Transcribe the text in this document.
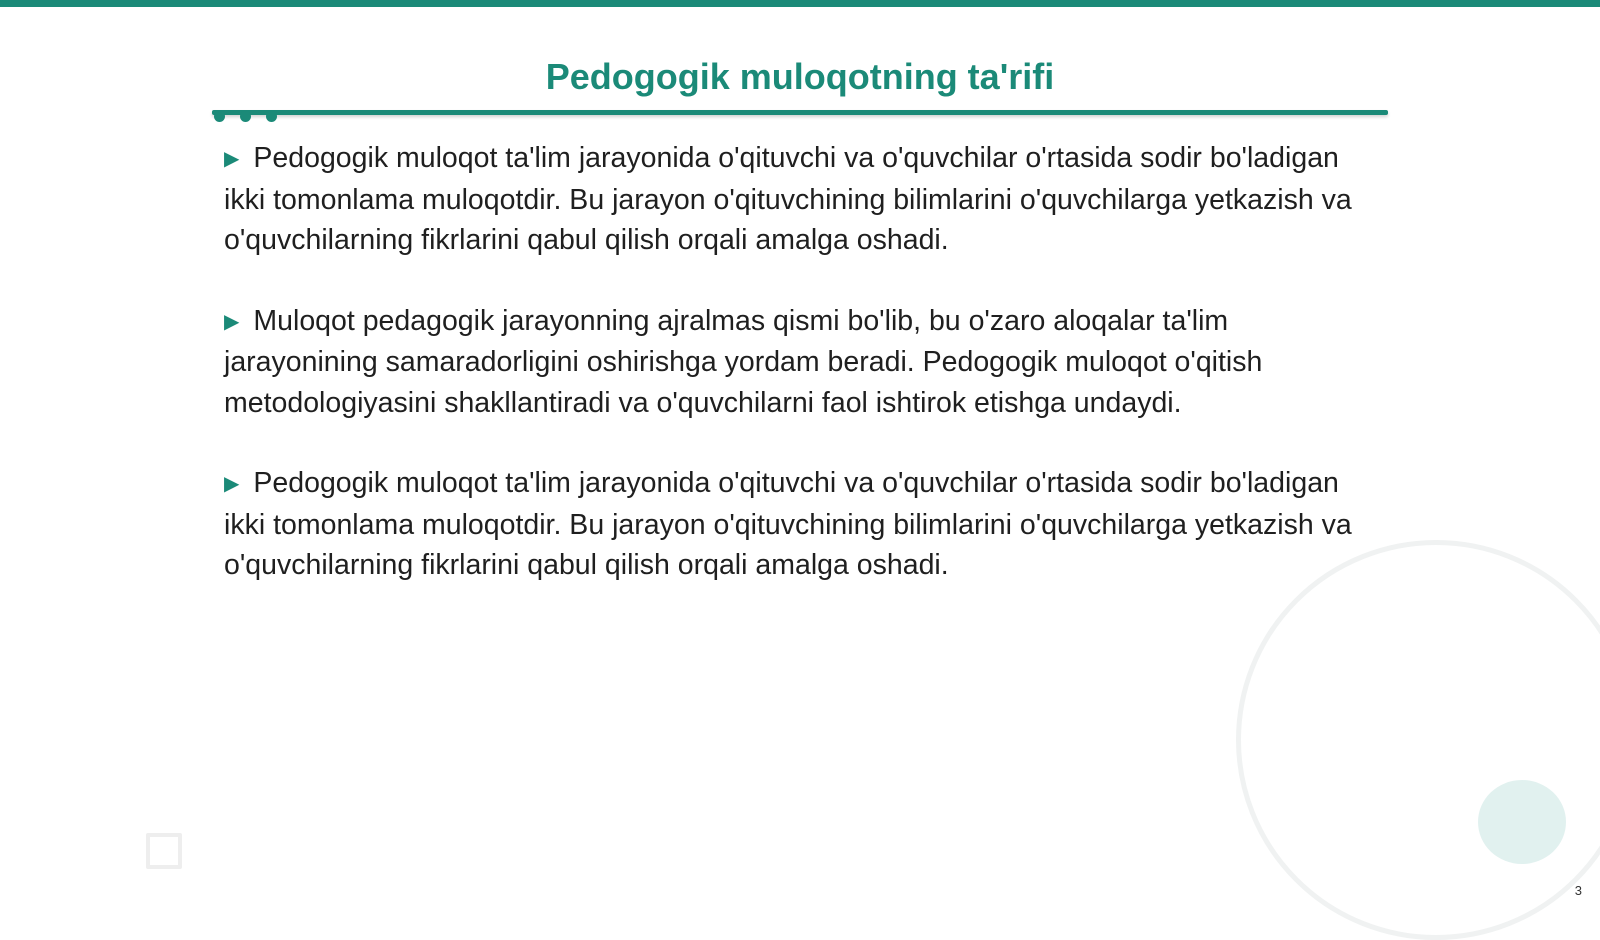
Pedogogik muloqotning ta'rifi

▶ Pedogogik muloqot ta'lim jarayonida o'qituvchi va o'quvchilar o'rtasida sodir bo'ladigan ikki tomonlama muloqotdir. Bu jarayon o'qituvchining bilimlarini o'quvchilarga yetkazish va o'quvchilarning fikrlarini qabul qilish orqali amalga oshadi.

▶ Muloqot pedagogik jarayonning ajralmas qismi bo'lib, bu o'zaro aloqalar ta'lim jarayonining samaradorligini oshirishga yordam beradi. Pedogogik muloqot o'qitish metodologiyasini shakllantiradi va o'quvchilarni faol ishtirok etishga undaydi.

▶ Pedogogik muloqot ta'lim jarayonida o'qituvchi va o'quvchilar o'rtasida sodir bo'ladigan ikki tomonlama muloqotdir. Bu jarayon o'qituvchining bilimlarini o'quvchilarga yetkazish va o'quvchilarning fikrlarini qabul qilish orqali amalga oshadi.

3
